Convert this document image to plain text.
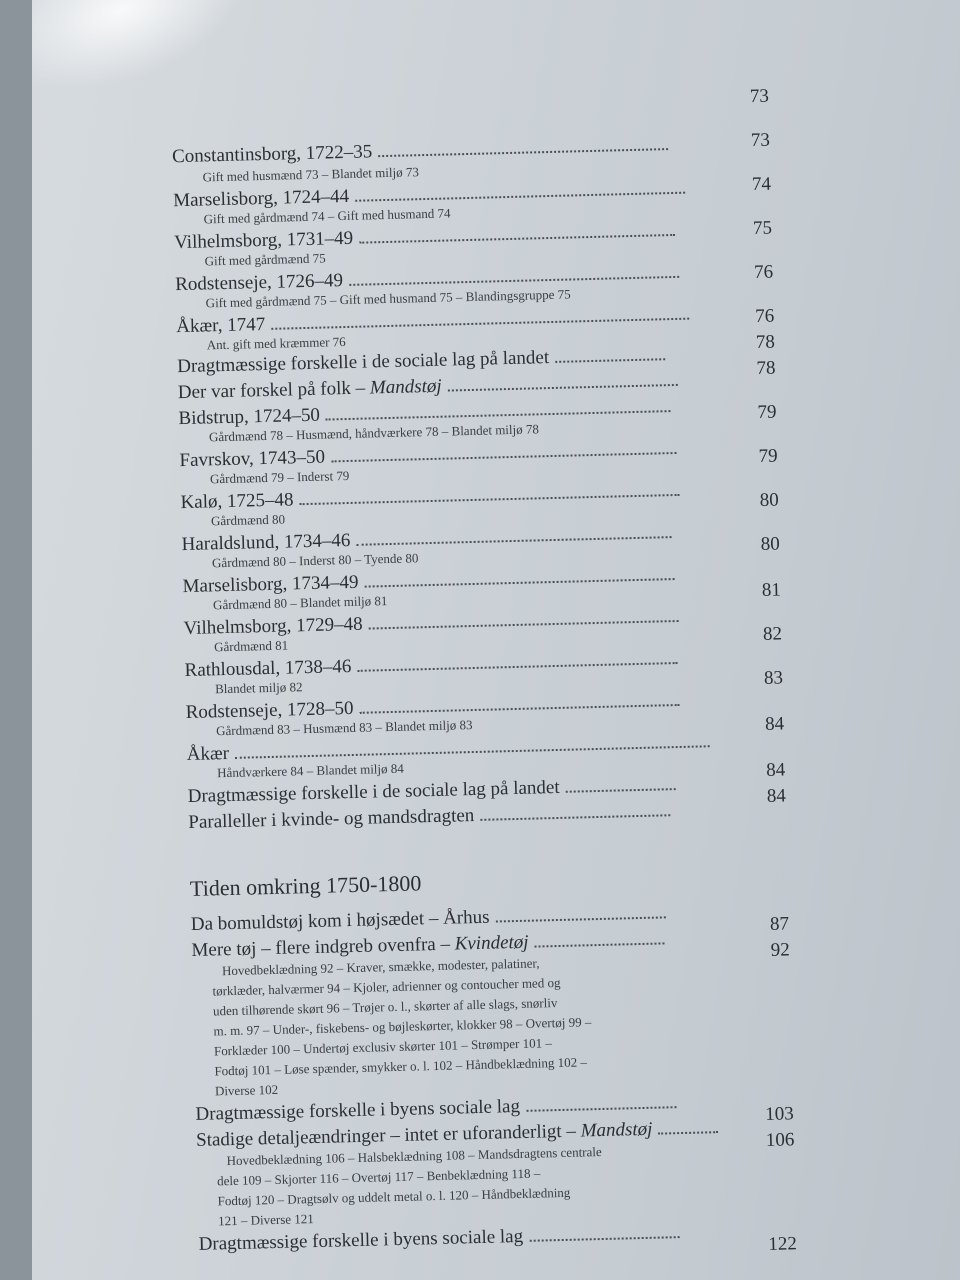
73
73
74
75
76
76
78
78
79
79
80
80
81
82
83
84
84
84
87
92
103
106
122
Constantinsborg, 1722–35
Gift med husmænd 73 – Blandet miljø 73
Marselisborg, 1724–44
Gift med gårdmænd 74 – Gift med husmand 74
Vilhelmsborg, 1731–49
Gift med gårdmænd 75
Rodstenseje, 1726–49
Gift med gårdmænd 75 – Gift med husmand 75 – Blandingsgruppe 75
Åkær, 1747
Ant. gift med kræmmer 76
Dragtmæssige forskelle i de sociale lag på landet
Der var forskel på folk – Mandstøj
Bidstrup, 1724–50
Gårdmænd 78 – Husmænd, håndværkere 78 – Blandet miljø 78
Favrskov, 1743–50
Gårdmænd 79 – Inderst 79
Kalø, 1725–48
Gårdmænd 80
Haraldslund, 1734–46
Gårdmænd 80 – Inderst 80 – Tyende 80
Marselisborg, 1734–49
Gårdmænd 80 – Blandet miljø 81
Vilhelmsborg, 1729–48
Gårdmænd 81
Rathlousdal, 1738–46
Blandet miljø 82
Rodstenseje, 1728–50
Gårdmænd 83 – Husmænd 83 – Blandet miljø 83
Åkær
Håndværkere 84 – Blandet miljø 84
Dragtmæssige forskelle i de sociale lag på landet
Paralleller i kvinde- og mandsdragten
Tiden omkring 1750-1800
Da bomuldstøj kom i højsædet – Århus
Mere tøj – flere indgreb ovenfra – Kvindetøj
Hovedbeklædning 92 – Kraver, smække, modester, palatiner,
tørklæder, halværmer 94 – Kjoler, adrienner og contoucher med og
uden tilhørende skørt 96 – Trøjer o. l., skørter af alle slags, snørliv
m. m. 97 – Under-, fiskebens- og bøjleskørter, klokker 98 – Overtøj 99 –
Forklæder 100 – Undertøj exclusiv skørter 101 – Strømper 101 –
Fodtøj 101 – Løse spænder, smykker o. l. 102 – Håndbeklædning 102 –
Diverse 102
Dragtmæssige forskelle i byens sociale lag
Stadige detaljeændringer – intet er uforanderligt – Mandstøj
Hovedbeklædning 106 – Halsbeklædning 108 – Mandsdragtens centrale
dele 109 – Skjorter 116 – Overtøj 117 – Benbeklædning 118 –
Fodtøj 120 – Dragtsølv og uddelt metal o. l. 120 – Håndbeklædning
121 – Diverse 121
Dragtmæssige forskelle i byens sociale lag
